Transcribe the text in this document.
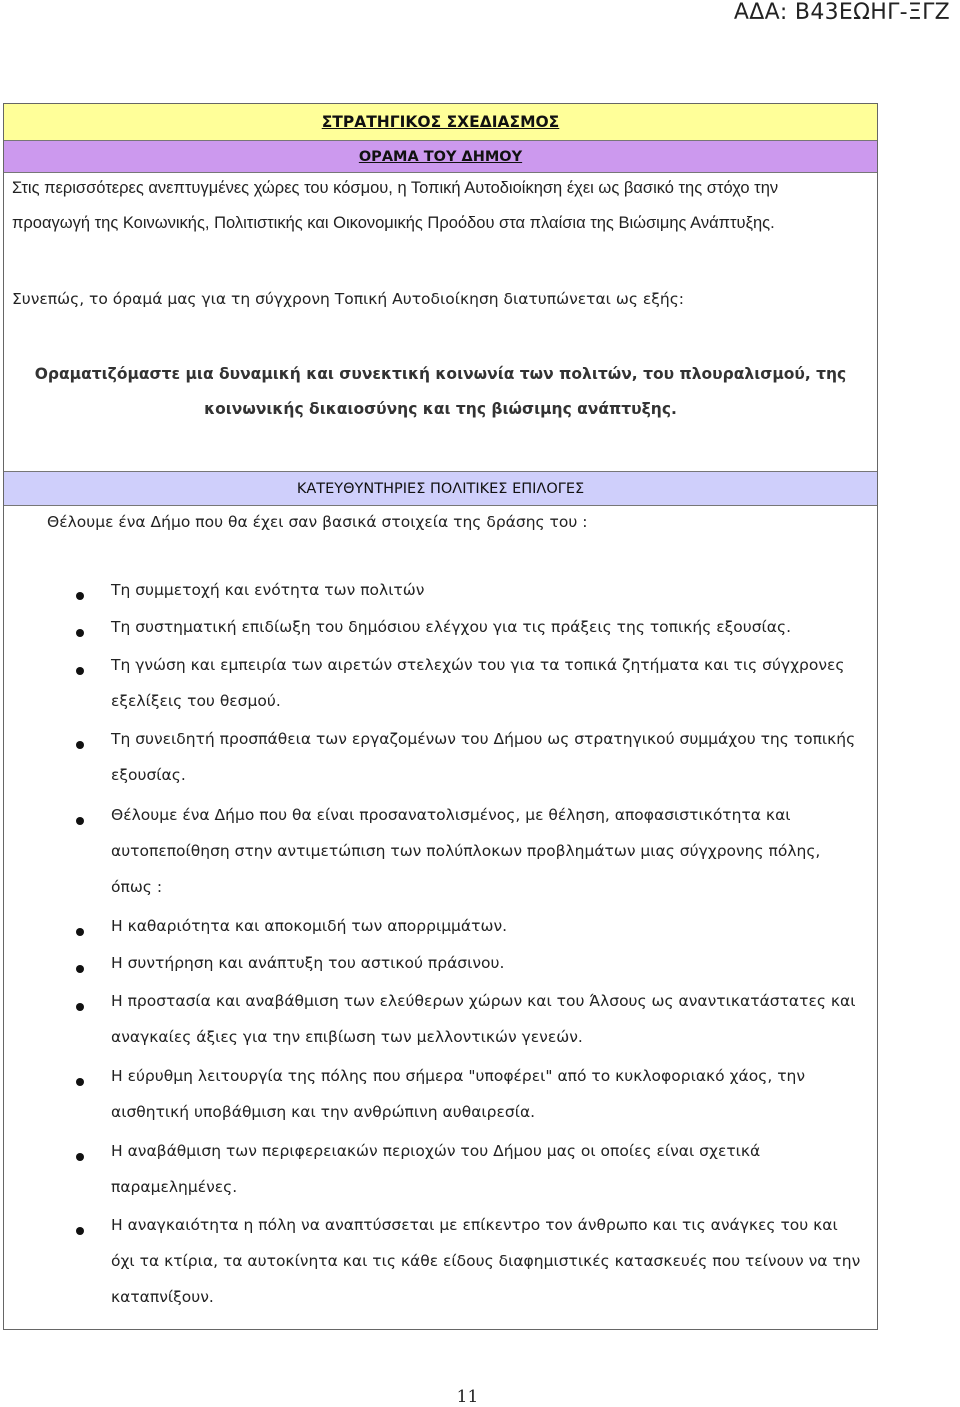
ΑΔΑ: Β43ΕΩΗΓ-ΞΓΖ
ΣΤΡΑΤΗΓΙΚΟΣ ΣΧΕΔΙΑΣΜΟΣ
ΟΡΑΜΑ ΤΟΥ ΔΗΜΟΥ
Στις περισσότερες ανεπτυγμένες χώρες του κόσμου, η Τοπική Αυτοδιοίκηση έχει ως βασικό της στόχο την
προαγωγή της Κοινωνικής, Πολιτιστικής και Οικονομικής Προόδου στα πλαίσια της Βιώσιμης Ανάπτυξης.
Συνεπώς, το όραμά μας για τη σύγχρονη Τοπική Αυτοδιοίκηση διατυπώνεται ως εξής:
Οραματιζόμαστε μια δυναμική και συνεκτική κοινωνία των πολιτών, του πλουραλισμού, της
κοινωνικής δικαιοσύνης και της βιώσιμης ανάπτυξης.
ΚΑΤΕΥΘΥΝΤΗΡΙΕΣ ΠΟΛΙΤΙΚΕΣ ΕΠΙΛΟΓΕΣ
Θέλουμε ένα Δήμο που θα έχει σαν βασικά στοιχεία της δράσης του :
Τη συμμετοχή και ενότητα των πολιτών
Τη συστηματική επιδίωξη του δημόσιου ελέγχου για τις πράξεις της τοπικής εξουσίας.
Τη γνώση και εμπειρία των αιρετών στελεχών του για τα τοπικά ζητήματα και τις σύγχρονες
εξελίξεις του θεσμού.
Τη συνειδητή προσπάθεια των εργαζομένων του Δήμου ως στρατηγικού συμμάχου της τοπικής
εξουσίας.
Θέλουμε ένα Δήμο που θα είναι προσανατολισμένος, με θέληση, αποφασιστικότητα και
αυτοπεποίθηση στην αντιμετώπιση των πολύπλοκων προβλημάτων μιας σύγχρονης πόλης,
όπως :
Η καθαριότητα και αποκομιδή των απορριμμάτων.
Η συντήρηση και ανάπτυξη του αστικού πράσινου.
Η προστασία και αναβάθμιση των ελεύθερων χώρων και του Άλσους ως αναντικατάστατες και
αναγκαίες άξιες για την επιβίωση των μελλοντικών γενεών.
Η εύρυθμη λειτουργία της πόλης που σήμερα "υποφέρει" από το κυκλοφοριακό χάος, την
αισθητική υποβάθμιση και την ανθρώπινη αυθαιρεσία.
Η αναβάθμιση των περιφερειακών περιοχών του Δήμου μας οι οποίες είναι σχετικά
παραμελημένες.
Η αναγκαιότητα η πόλη να αναπτύσσεται με επίκεντρο τον άνθρωπο και τις ανάγκες του και
όχι τα κτίρια, τα αυτοκίνητα και τις κάθε είδους διαφημιστικές κατασκευές που τείνουν να την
καταπνίξουν.
11
